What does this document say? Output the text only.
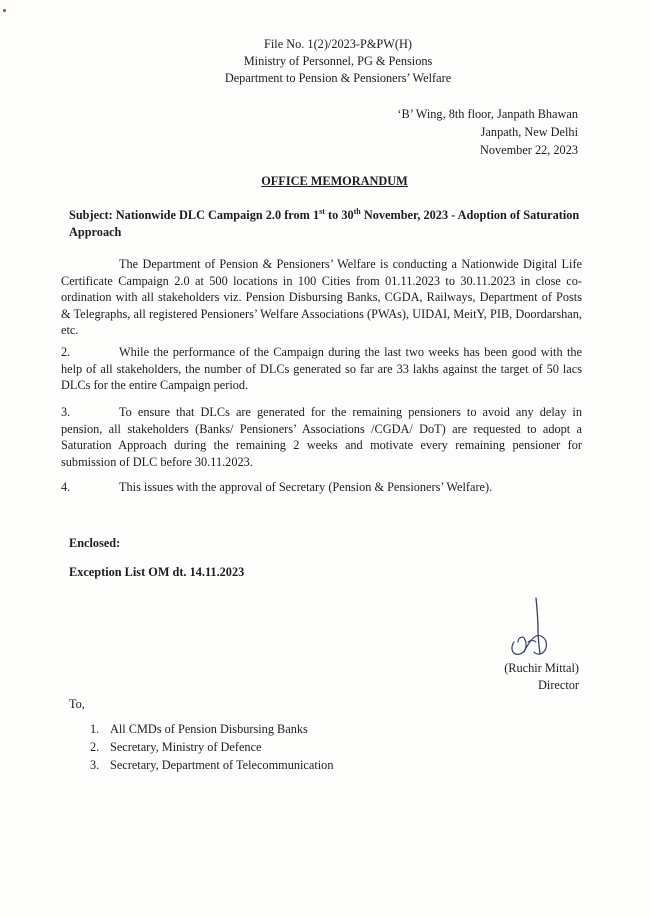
File No. 1(2)/2023-P&PW(H)
Ministry of Personnel, PG & Pensions
Department to Pension & Pensioners’ Welfare
‘B’ Wing, 8th floor, Janpath Bhawan
Janpath, New Delhi
November 22, 2023
OFFICE MEMORANDUM
Subject: Nationwide DLC Campaign 2.0 from 1st to 30th November, 2023 - Adoption of Saturation Approach
The Department of Pension & Pensioners’ Welfare is conducting a Nationwide Digital Life Certificate Campaign 2.0 at 500 locations in 100 Cities from 01.11.2023 to 30.11.2023 in close co-ordination with all stakeholders viz. Pension Disbursing Banks, CGDA, Railways, Department of Posts & Telegraphs, all registered Pensioners’ Welfare Associations (PWAs), UIDAI, MeitY, PIB, Doordarshan, etc.
2.	While the performance of the Campaign during the last two weeks has been good with the help of all stakeholders, the number of DLCs generated so far are 33 lakhs against the target of 50 lacs DLCs for the entire Campaign period.
3.	To ensure that DLCs are generated for the remaining pensioners to avoid any delay in pension, all stakeholders (Banks/ Pensioners’ Associations /CGDA/ DoT) are requested to adopt a Saturation Approach during the remaining 2 weeks and motivate every remaining pensioner for submission of DLC before 30.11.2023.
4.	This issues with the approval of Secretary (Pension & Pensioners’ Welfare).
Enclosed:
Exception List OM dt. 14.11.2023
(Ruchir Mittal)
Director
To,
1. All CMDs of Pension Disbursing Banks
2. Secretary, Ministry of Defence
3. Secretary, Department of Telecommunication
